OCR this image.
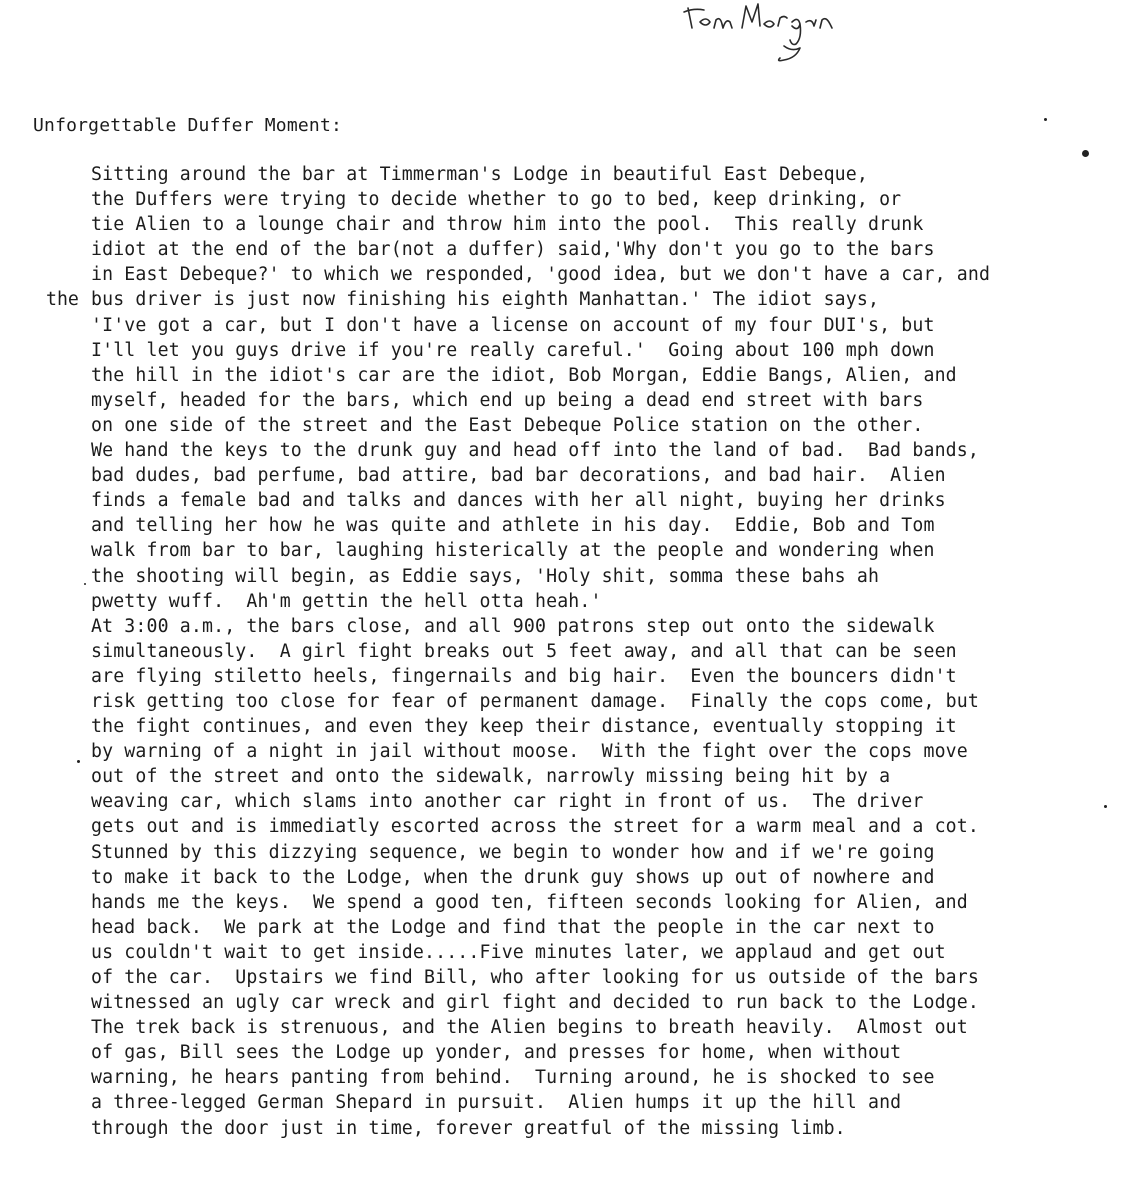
Unforgettable Duffer Moment:
the
Sitting around the bar at Timmerman's Lodge in beautiful East Debeque,
the Duffers were trying to decide whether to go to bed, keep drinking, or
tie Alien to a lounge chair and throw him into the pool.  This really drunk
idiot at the end of the bar(not a duffer) said,'Why don't you go to the bars
in East Debeque?' to which we responded, 'good idea, but we don't have a car, and
bus driver is just now finishing his eighth Manhattan.' The idiot says,
'I've got a car, but I don't have a license on account of my four DUI's, but
I'll let you guys drive if you're really careful.'  Going about 100 mph down
the hill in the idiot's car are the idiot, Bob Morgan, Eddie Bangs, Alien, and
myself, headed for the bars, which end up being a dead end street with bars
on one side of the street and the East Debeque Police station on the other.
We hand the keys to the drunk guy and head off into the land of bad.  Bad bands,
bad dudes, bad perfume, bad attire, bad bar decorations, and bad hair.  Alien
finds a female bad and talks and dances with her all night, buying her drinks
and telling her how he was quite and athlete in his day.  Eddie, Bob and Tom
walk from bar to bar, laughing histerically at the people and wondering when
the shooting will begin, as Eddie says, 'Holy shit, somma these bahs ah
pwetty wuff.  Ah'm gettin the hell otta heah.'
At 3:00 a.m., the bars close, and all 900 patrons step out onto the sidewalk
simultaneously.  A girl fight breaks out 5 feet away, and all that can be seen
are flying stiletto heels, fingernails and big hair.  Even the bouncers didn't
risk getting too close for fear of permanent damage.  Finally the cops come, but
the fight continues, and even they keep their distance, eventually stopping it
by warning of a night in jail without moose.  With the fight over the cops move
out of the street and onto the sidewalk, narrowly missing being hit by a
weaving car, which slams into another car right in front of us.  The driver
gets out and is immediatly escorted across the street for a warm meal and a cot.
Stunned by this dizzying sequence, we begin to wonder how and if we're going
to make it back to the Lodge, when the drunk guy shows up out of nowhere and
hands me the keys.  We spend a good ten, fifteen seconds looking for Alien, and
head back.  We park at the Lodge and find that the people in the car next to
us couldn't wait to get inside.....Five minutes later, we applaud and get out
of the car.  Upstairs we find Bill, who after looking for us outside of the bars
witnessed an ugly car wreck and girl fight and decided to run back to the Lodge.
The trek back is strenuous, and the Alien begins to breath heavily.  Almost out
of gas, Bill sees the Lodge up yonder, and presses for home, when without
warning, he hears panting from behind.  Turning around, he is shocked to see
a three-legged German Shepard in pursuit.  Alien humps it up the hill and
through the door just in time, forever greatful of the missing limb.
